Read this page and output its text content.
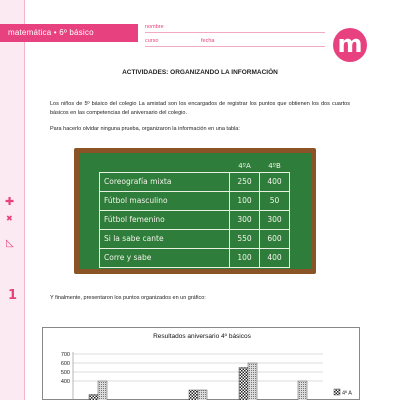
matemática • 6º básico
nombre
curso	fecha	m
ACTIVIDADES: ORGANIZANDO LA INFORMACIÓN
Los niños de 5º básico del colegio La amistad son los encargados de registrar los puntos que obtienen los dos cuartos básicos en las competencias del aniversario del colegio.
Para hacerlo olvidar ninguna prueba, organizaron la información en una tabla:
	4ºA	4ºB
Coreografía mixta	250	400
Fútbol masculino	100	50
Fútbol femenino	300	300
Si la sabe cante	550	600
Corre y sabe	100	400
Y finalmente, presentaron los puntos organizados en un gráfico:
✚
✖
◺
1
Resultados aniversario 4º básicos
700
600
500
400
4º A
